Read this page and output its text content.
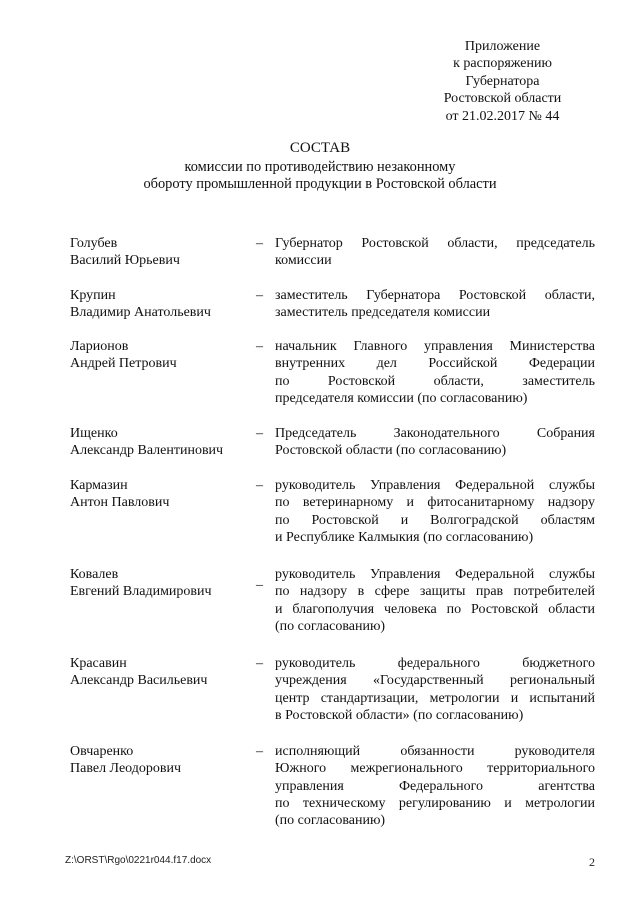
Приложение
к распоряжению
Губернатора
Ростовской области
от 21.02.2017 № 44
СОСТАВ
комиссии по противодействию незаконному
обороту промышленной продукции в Ростовской области
Голубев
Василий Юрьевич
– Губернатор Ростовской области, председатель
комиссии
Крупин
Владимир Анатольевич
– заместитель Губернатора Ростовской области,
заместитель председателя комиссии
Ларионов
Андрей Петрович
– начальник Главного управления Министерства
внутренних дел Российской Федерации
по Ростовской области, заместитель
председателя комиссии (по согласованию)
Ищенко
Александр Валентинович
– Председатель Законодательного Собрания
Ростовской области (по согласованию)
Кармазин
Антон Павлович
– руководитель Управления Федеральной службы
по ветеринарному и фитосанитарному надзору
по Ростовской и Волгоградской областям
и Республике Калмыкия (по согласованию)
Ковалев
Евгений Владимирович
_ руководитель Управления Федеральной службы
по надзору в сфере защиты прав потребителей
и благополучия человека по Ростовской области
(по согласованию)
Красавин
Александр Васильевич
– руководитель федерального бюджетного
учреждения «Государственный региональный
центр стандартизации, метрологии и испытаний
в Ростовской области» (по согласованию)
Овчаренко
Павел Леодорович
– исполняющий обязанности руководителя
Южного межрегионального территориального
управления Федерального агентства
по техническому регулированию и метрологии
(по согласованию)
Z:\ORST\Rgo\0221r044.f17.docx	2
